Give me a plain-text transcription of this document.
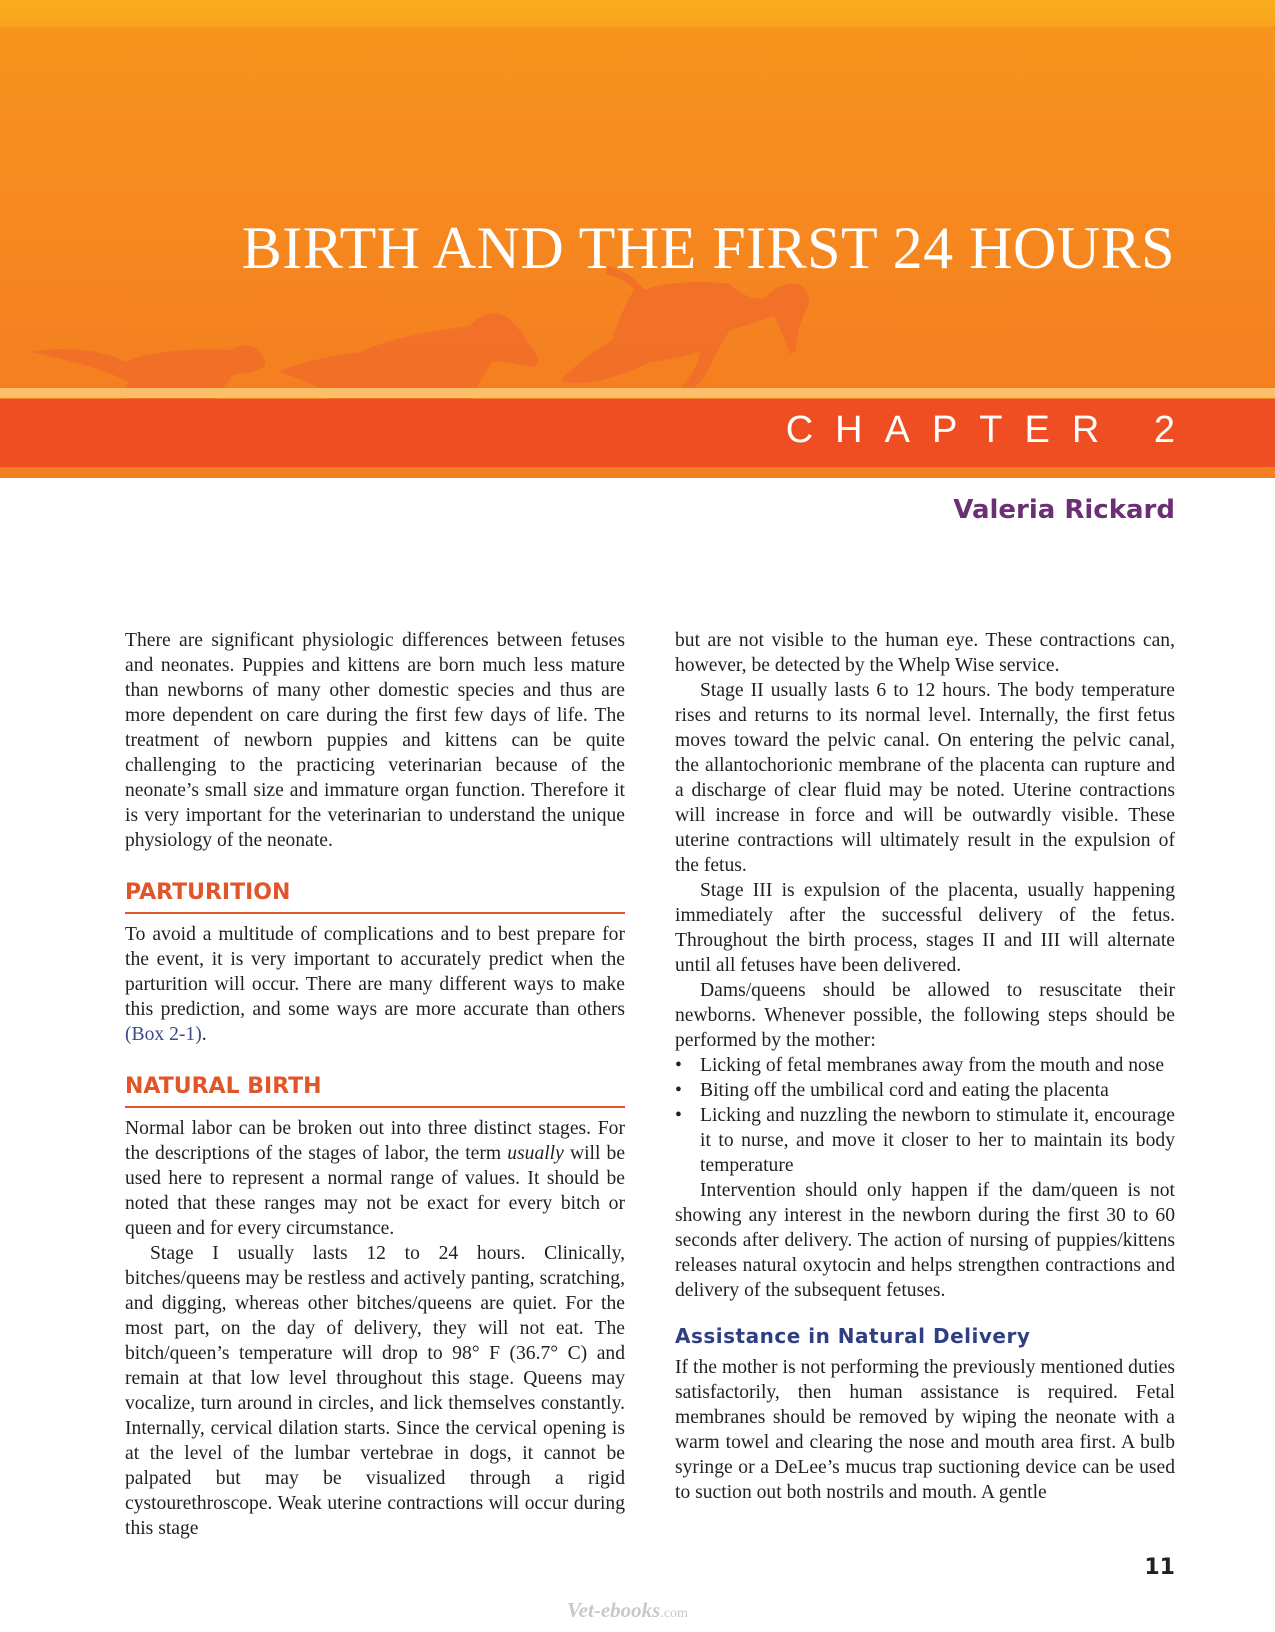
BIRTH AND THE FIRST 24 HOURS
CHAPTER 2

Valeria Rickard

There are significant physiologic differences between fetuses and neonates. Puppies and kittens are born much less mature than newborns of many other domestic species and thus are more dependent on care during the first few days of life. The treatment of newborn puppies and kittens can be quite challenging to the practicing veterinarian because of the neonate’s small size and immature organ function. Therefore it is very important for the veterinarian to understand the unique physiology of the neonate.

PARTURITION

To avoid a multitude of complications and to best prepare for the event, it is very important to accurately predict when the parturition will occur. There are many different ways to make this prediction, and some ways are more accurate than others (Box 2-1).

NATURAL BIRTH

Normal labor can be broken out into three distinct stages. For the descriptions of the stages of labor, the term usually will be used here to represent a normal range of values. It should be noted that these ranges may not be exact for every bitch or queen and for every circumstance.

Stage I usually lasts 12 to 24 hours. Clinically, bitches/queens may be restless and actively panting, scratching, and digging, whereas other bitches/queens are quiet. For the most part, on the day of delivery, they will not eat. The bitch/queen’s temperature will drop to 98° F (36.7° C) and remain at that low level throughout this stage. Queens may vocalize, turn around in circles, and lick themselves constantly. Internally, cervical dilation starts. Since the cervical opening is at the level of the lumbar vertebrae in dogs, it cannot be palpated but may be visualized through a rigid cystourethroscope. Weak uterine contractions will occur during this stage

but are not visible to the human eye. These contractions can, however, be detected by the Whelp Wise service.

Stage II usually lasts 6 to 12 hours. The body temperature rises and returns to its normal level. Internally, the first fetus moves toward the pelvic canal. On entering the pelvic canal, the allantochorionic membrane of the placenta can rupture and a discharge of clear fluid may be noted. Uterine contractions will increase in force and will be outwardly visible. These uterine contractions will ultimately result in the expulsion of the fetus.

Stage III is expulsion of the placenta, usually happening immediately after the successful delivery of the fetus. Throughout the birth process, stages II and III will alternate until all fetuses have been delivered.

Dams/queens should be allowed to resuscitate their newborns. Whenever possible, the following steps should be performed by the mother:

• Licking of fetal membranes away from the mouth and nose
• Biting off the umbilical cord and eating the placenta
• Licking and nuzzling the newborn to stimulate it, encourage it to nurse, and move it closer to her to maintain its body temperature

Intervention should only happen if the dam/queen is not showing any interest in the newborn during the first 30 to 60 seconds after delivery. The action of nursing of puppies/kittens releases natural oxytocin and helps strengthen contractions and delivery of the subsequent fetuses.

Assistance in Natural Delivery

If the mother is not performing the previously mentioned duties satisfactorily, then human assistance is required. Fetal membranes should be removed by wiping the neonate with a warm towel and clearing the nose and mouth area first. A bulb syringe or a DeLee’s mucus trap suctioning device can be used to suction out both nostrils and mouth. A gentle

11
Vet-ebooks.com
